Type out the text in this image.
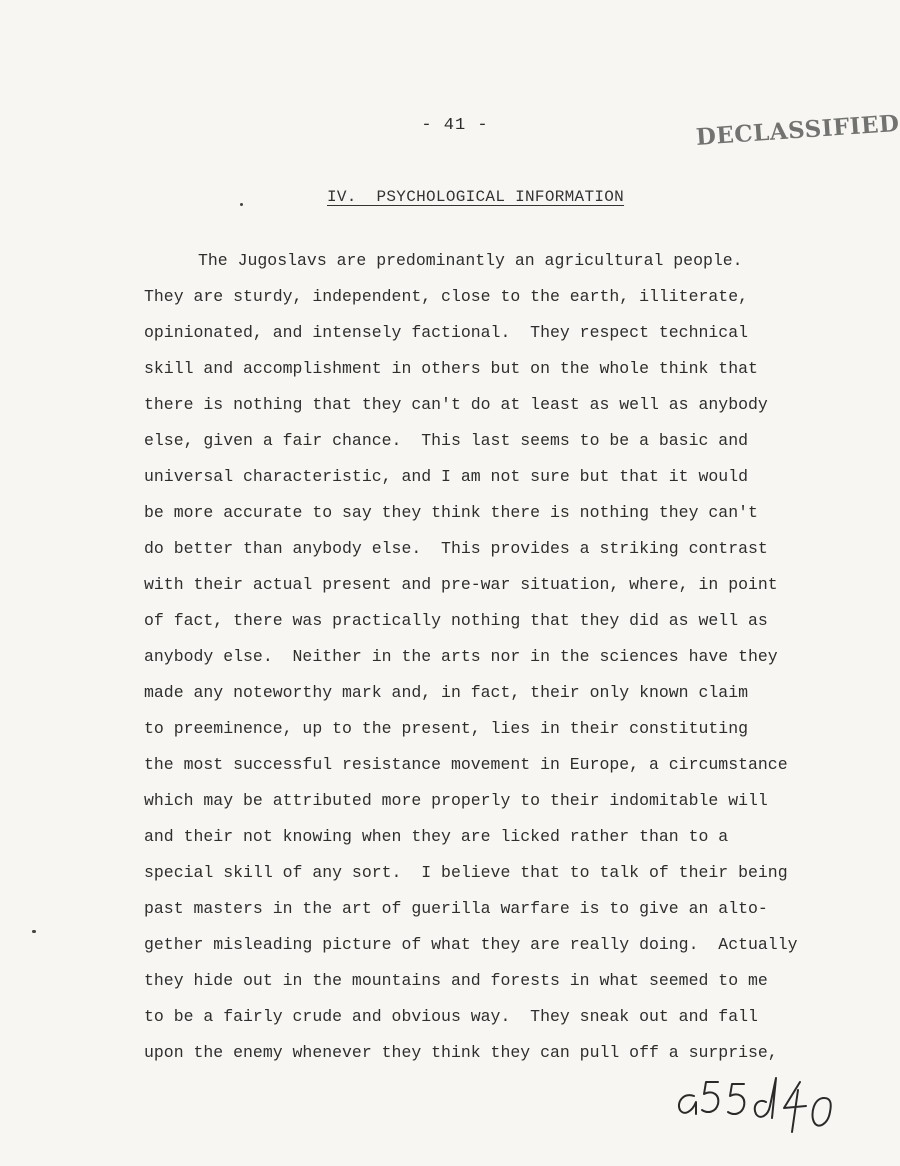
- 41 -	DECLASSIFIED
IV.  PSYCHOLOGICAL INFORMATION
The Jugoslavs are predominantly an agricultural people.
They are sturdy, independent, close to the earth, illiterate,
opinionated, and intensely factional.  They respect technical
skill and accomplishment in others but on the whole think that
there is nothing that they can't do at least as well as anybody
else, given a fair chance.  This last seems to be a basic and
universal characteristic, and I am not sure but that it would
be more accurate to say they think there is nothing they can't
do better than anybody else.  This provides a striking contrast
with their actual present and pre-war situation, where, in point
of fact, there was practically nothing that they did as well as
anybody else.  Neither in the arts nor in the sciences have they
made any noteworthy mark and, in fact, their only known claim
to preeminence, up to the present, lies in their constituting
the most successful resistance movement in Europe, a circumstance
which may be attributed more properly to their indomitable will
and their not knowing when they are licked rather than to a
special skill of any sort.  I believe that to talk of their being
past masters in the art of guerilla warfare is to give an alto-
gether misleading picture of what they are really doing.  Actually
they hide out in the mountains and forests in what seemed to me
to be a fairly crude and obvious way.  They sneak out and fall
upon the enemy whenever they think they can pull off a surprise,
